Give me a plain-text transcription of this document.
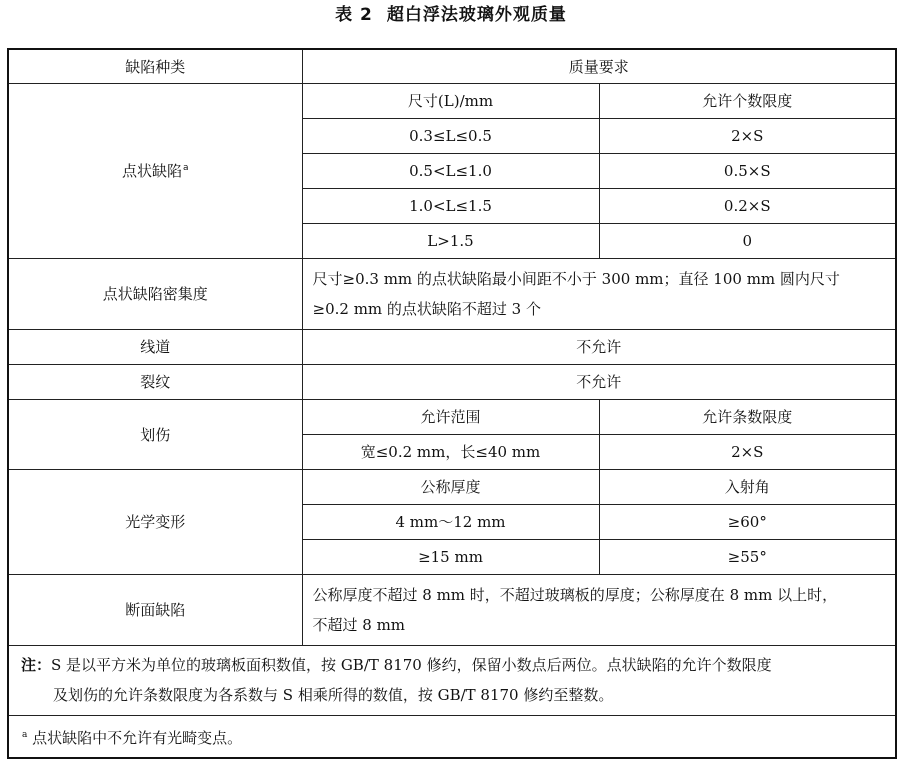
表 2 超白浮法玻璃外观质量
缺陷种类	质量要求	
点状缺陷$^a$	尺寸(L)/mm	允许个数限度
	0.3≤L≤0.5	2×S
	0.5<L≤1.0	0.5×S
	1.0<L≤1.5	0.2×S
	L>1.5	0
点状缺陷密集度	尺寸≥0.3 mm 的点状缺陷最小间距不小于 300 mm；直径 100 mm 圆内尺寸
≥0.2 mm 的点状缺陷不超过 3 个	

线道	不允许	
裂纹	不允许	
划伤	允许范围	允许条数限度
	宽≤0.2 mm，长≤40 mm	2×S
光学变形	公称厚度	入射角
	4 mm～12 mm	≥60°
	≥15 mm	≥55°
断面缺陷	公称厚度不超过 8 mm 时，不超过玻璃板的厚度；公称厚度在 8 mm 以上时，
不超过 8 mm	

注：S 是以平方米为单位的玻璃板面积数值，按 GB/T 8170 修约，保留小数点后两位。点状缺陷的允许个数限度
及划伤的允许条数限度为各系数与 S 相乘所得的数值，按 GB/T 8170 修约至整数。		

$^a$ 点状缺陷中不允许有光畸变点。		
